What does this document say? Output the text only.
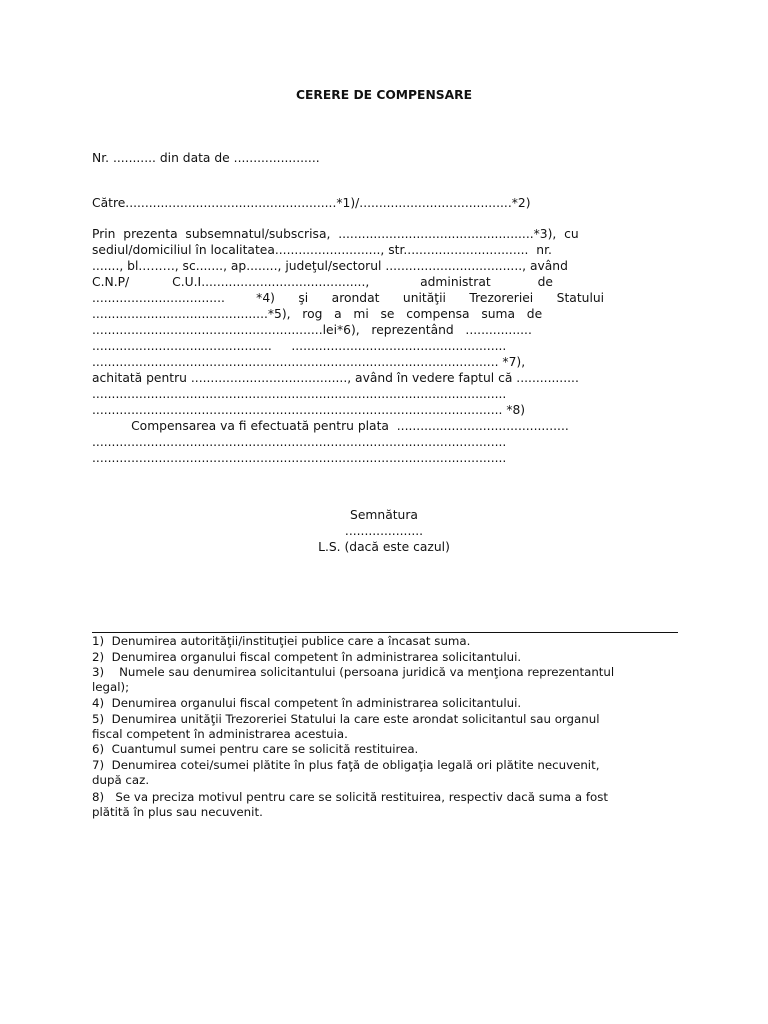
CERERE DE COMPENSARE
Nr. ........... din data de ......................
Către......................................................*1)/.......................................*2)
Prin  prezenta  subsemnatul/subscrisa,  ..................................................*3),  cu
sediul/domiciliul în localitatea..........................., str................................  nr.
......., bl.….…., sc......., ap........, judeţul/sectorul ..................................., având
C.N.P/           C.U.I..........................................,             administrat            de
..................................        *4)      şi      arondat      unităţii      Trezoreriei      Statului
.............................................*5),   rog   a   mi   se   compensa   suma   de
...........................................................lei*6),   reprezentând   .................
..............................................     .......................................................
........................................................................................................ *7),
achitată pentru ........................................, având în vedere faptul că ................
..........................................................................................................
......................................................................................................... *8)
Compensarea va fi efectuată pentru plata  ............................................
..........................................................................................................
..........................................................................................................
Semnătura
....................
L.S. (dacă este cazul)
1)  Denumirea autorităţii/instituţiei publice care a încasat suma.
2)  Denumirea organului fiscal competent în administrarea solicitantului.
3)    Numele sau denumirea solicitantului (persoana juridică va menţiona reprezentantul
legal);
4)  Denumirea organului fiscal competent în administrarea solicitantului.
5)  Denumirea unităţii Trezoreriei Statului la care este arondat solicitantul sau organul
fiscal competent în administrarea acestuia.
6)  Cuantumul sumei pentru care se solicită restituirea.
7)  Denumirea cotei/sumei plătite în plus faţă de obligaţia legală ori plătite necuvenit,
după caz.
8)   Se va preciza motivul pentru care se solicită restituirea, respectiv dacă suma a fost
plătită în plus sau necuvenit.
